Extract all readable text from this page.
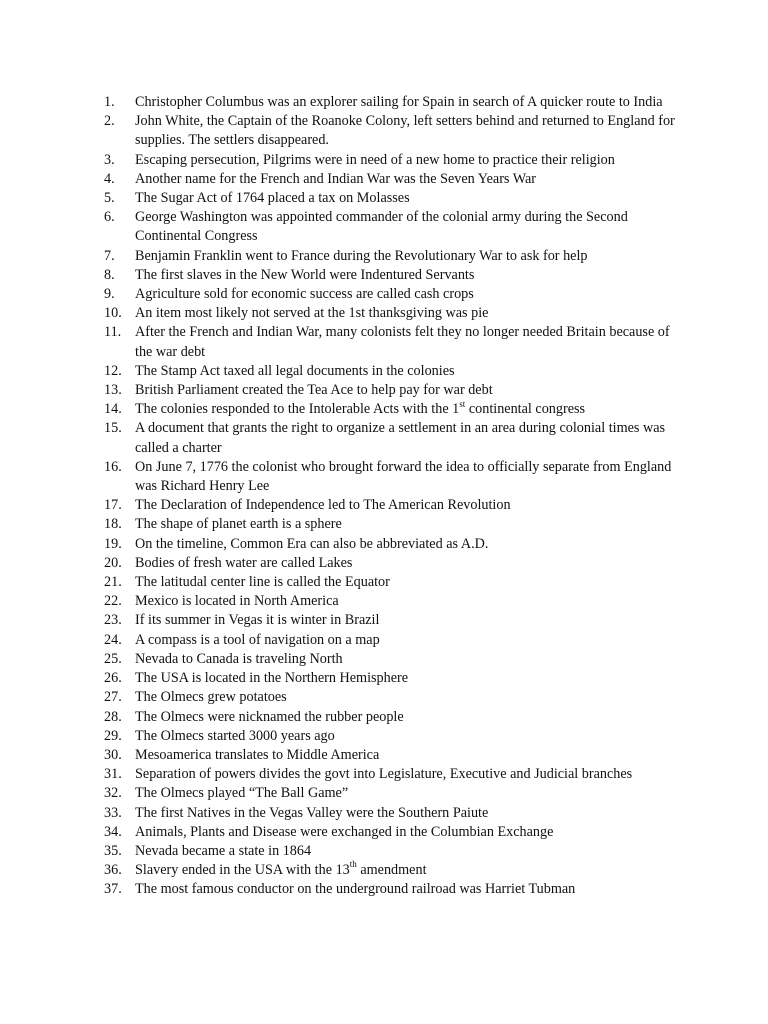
1.	Christopher Columbus was an explorer sailing for Spain in search of A quicker route to India
2.	John White, the Captain of the Roanoke Colony, left setters behind and returned to England for supplies. The settlers disappeared.
3.	Escaping persecution, Pilgrims were in need of a new home to practice their religion
4.	Another name for the French and Indian War was the Seven Years War
5.	The Sugar Act of 1764 placed a tax on Molasses
6.	George Washington was appointed commander of the colonial army during the Second Continental Congress
7.	Benjamin Franklin went to France during the Revolutionary War to ask for help
8.	The first slaves in the New World were Indentured Servants
9.	Agriculture sold for economic success are called cash crops
10. An item most likely not served at the 1st thanksgiving was pie
11. After the French and Indian War, many colonists felt they no longer needed Britain because of the war debt
12. The Stamp Act taxed all legal documents in the colonies
13. British Parliament created the Tea Ace to help pay for war debt
14. The colonies responded to the Intolerable Acts with the 1st continental congress
15. A document that grants the right to organize a settlement in an area during colonial times was called a charter
16. On June 7, 1776 the colonist who brought forward the idea to officially separate from England was Richard Henry Lee
17. The Declaration of Independence led to The American Revolution
18. The shape of planet earth is a sphere
19. On the timeline, Common Era can also be abbreviated as A.D.
20. Bodies of fresh water are called Lakes
21. The latitudal center line is called the Equator
22. Mexico is located in North America
23. If its summer in Vegas it is winter in Brazil
24. A compass is a tool of navigation on a map
25. Nevada to Canada is traveling North
26. The USA is located in the Northern Hemisphere
27. The Olmecs grew potatoes
28. The Olmecs were nicknamed the rubber people
29. The Olmecs started 3000 years ago
30. Mesoamerica translates to Middle America
31. Separation of powers divides the govt into Legislature, Executive and Judicial branches
32. The Olmecs played “The Ball Game”
33. The first Natives in the Vegas Valley were the Southern Paiute
34. Animals, Plants and Disease were exchanged in the Columbian Exchange
35. Nevada became a state in 1864
36. Slavery ended in the USA with the 13th amendment
37. The most famous conductor on the underground railroad was Harriet Tubman
